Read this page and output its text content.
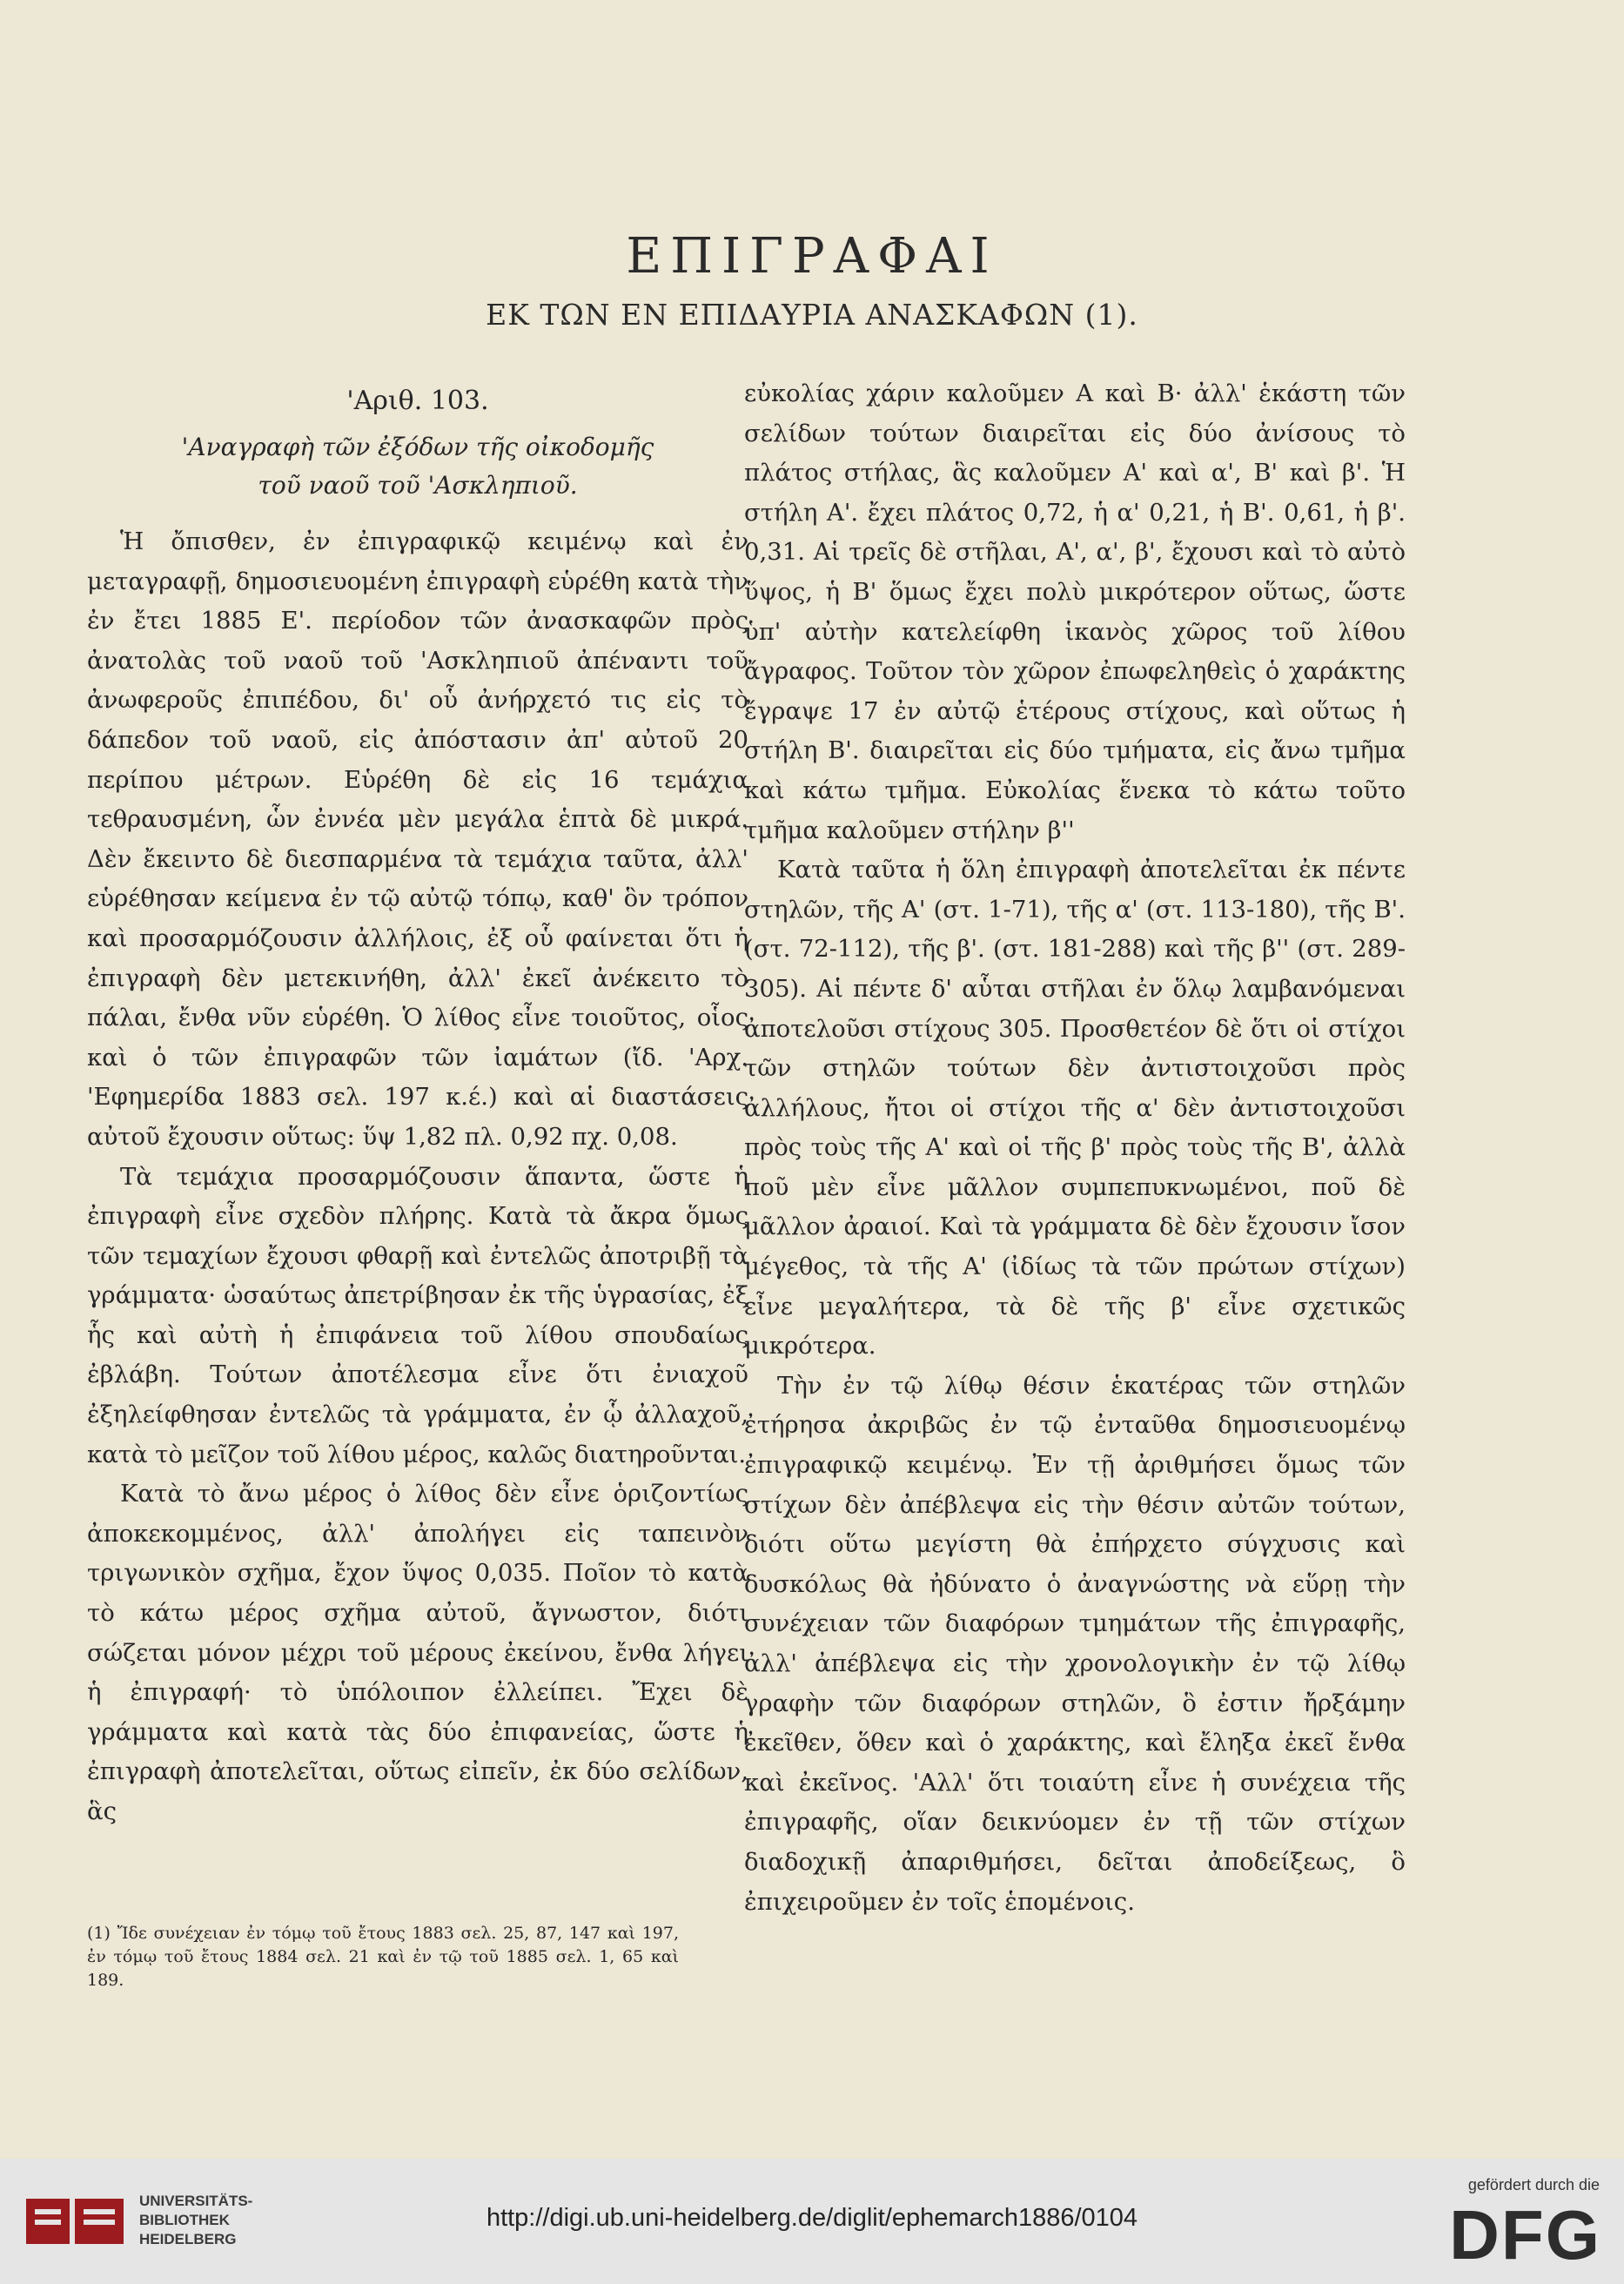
ΕΠΙΓΡΑΦΑΙ
ΕΚ ΤΩΝ ΕΝ ΕΠΙΔΑΥΡΙΑ ΑΝΑΣΚΑΦΩΝ (1).
'Αριθ. 103.
'Αναγραφὴ τῶν ἐξόδων τῆς οἰκοδομῆς
τοῦ ναοῦ τοῦ 'Ασκληπιοῦ.

Ἡ ὄπισθεν, ἐν ἐπιγραφικῷ κειμένῳ καὶ ἐν μεταγραφῇ, δημοσιευομένη ἐπιγραφὴ εὑρέθη κατὰ τὴν ἐν ἔτει 1885 Ε'. περίοδον τῶν ἀνασκαφῶν πρὸς ἀνατολὰς τοῦ ναοῦ τοῦ 'Ασκληπιοῦ ἀπέναντι τοῦ ἀνωφεροῦς ἐπιπέδου, δι' οὗ ἀνήρχετό τις εἰς τὸ δάπεδον τοῦ ναοῦ, εἰς ἀπόστασιν ἀπ' αὐτοῦ 20 περίπου μέτρων. Εὑρέθη δὲ εἰς 16 τεμάχια τεθραυσμένη, ὧν ἐννέα μὲν μεγάλα ἑπτὰ δὲ μικρά. Δὲν ἔκειντο δὲ διεσπαρμένα τὰ τεμάχια ταῦτα, ἀλλ' εὑρέθησαν κείμενα ἐν τῷ αὐτῷ τόπῳ, καθ' ὃν τρόπον καὶ προσαρμόζουσιν ἀλλήλοις, ἐξ οὗ φαίνεται ὅτι ἡ ἐπιγραφὴ δὲν μετεκινήθη, ἀλλ' ἐκεῖ ἀνέκειτο τὸ πάλαι, ἔνθα νῦν εὑρέθη. Ὁ λίθος εἶνε τοιοῦτος, οἷος καὶ ὁ τῶν ἐπιγραφῶν τῶν ἰαμάτων (ἴδ. 'Αρχ. 'Εφημερίδα 1883 σελ. 197 κ.έ.) καὶ αἱ διαστάσεις αὐτοῦ ἔχουσιν οὕτως: ὕψ 1,82 πλ. 0,92 πχ. 0,08.

Τὰ τεμάχια προσαρμόζουσιν ἅπαντα, ὥστε ἡ ἐπιγραφὴ εἶνε σχεδὸν πλήρης. Κατὰ τὰ ἄκρα ὅμως τῶν τεμαχίων ἔχουσι φθαρῇ καὶ ἐντελῶς ἀποτριβῇ τὰ γράμματα· ὡσαύτως ἀπετρίβησαν ἐκ τῆς ὑγρασίας, ἐξ ἧς καὶ αὐτὴ ἡ ἐπιφάνεια τοῦ λίθου σπουδαίως ἐβλάβη. Τούτων ἀποτέλεσμα εἶνε ὅτι ἐνιαχοῦ ἐξηλείφθησαν ἐντελῶς τὰ γράμματα, ἐν ᾧ ἀλλαχοῦ, κατὰ τὸ μεῖζον τοῦ λίθου μέρος, καλῶς διατηροῦνται.

Κατὰ τὸ ἄνω μέρος ὁ λίθος δὲν εἶνε ὁριζοντίως ἀποκεκομμένος, ἀλλ' ἀπολήγει εἰς ταπεινὸν τριγωνικὸν σχῆμα, ἔχον ὕψος 0,035. Ποῖον τὸ κατὰ τὸ κάτω μέρος σχῆμα αὐτοῦ, ἄγνωστον, διότι σώζεται μόνον μέχρι τοῦ μέρους ἐκείνου, ἔνθα λήγει ἡ ἐπιγραφή· τὸ ὑπόλοιπον ἐλλείπει. Ἔχει δὲ γράμματα καὶ κατὰ τὰς δύο ἐπιφανείας, ὥστε ἡ ἐπιγραφὴ ἀποτελεῖται, οὕτως εἰπεῖν, ἐκ δύο σελίδων, ἃς

εὐκολίας χάριν καλοῦμεν Α καὶ Β· ἀλλ' ἑκάστη τῶν σελίδων τούτων διαιρεῖται εἰς δύο ἀνίσους τὸ πλάτος στήλας, ἃς καλοῦμεν Α' καὶ α', Β' καὶ β'. Ἡ στήλη Α'. ἔχει πλάτος 0,72, ἡ α' 0,21, ἡ Β'. 0,61, ἡ β'. 0,31. Αἱ τρεῖς δὲ στῆλαι, Α', α', β', ἔχουσι καὶ τὸ αὐτὸ ὕψος, ἡ Β' ὅμως ἔχει πολὺ μικρότερον οὕτως, ὥστε ὑπ' αὐτὴν κατελείφθη ἱκανὸς χῶρος τοῦ λίθου ἄγραφος. Τοῦτον τὸν χῶρον ἐπωφεληθεὶς ὁ χαράκτης ἔγραψε 17 ἐν αὐτῷ ἑτέρους στίχους, καὶ οὕτως ἡ στήλη Β'. διαιρεῖται εἰς δύο τμήματα, εἰς ἄνω τμῆμα καὶ κάτω τμῆμα. Εὐκολίας ἕνεκα τὸ κάτω τοῦτο τμῆμα καλοῦμεν στήλην β''

Κατὰ ταῦτα ἡ ὅλη ἐπιγραφὴ ἀποτελεῖται ἐκ πέντε στηλῶν, τῆς Α' (στ. 1-71), τῆς α' (στ. 113-180), τῆς Β'. (στ. 72-112), τῆς β'. (στ. 181-288) καὶ τῆς β'' (στ. 289-305). Αἱ πέντε δ' αὗται στῆλαι ἐν ὅλῳ λαμβανόμεναι ἀποτελοῦσι στίχους 305. Προσθετέον δὲ ὅτι οἱ στίχοι τῶν στηλῶν τούτων δὲν ἀντιστοιχοῦσι πρὸς ἀλλήλους, ἤτοι οἱ στίχοι τῆς α' δὲν ἀντιστοιχοῦσι πρὸς τοὺς τῆς Α' καὶ οἱ τῆς β' πρὸς τοὺς τῆς Β', ἀλλὰ ποῦ μὲν εἶνε μᾶλλον συμπεπυκνωμένοι, ποῦ δὲ μᾶλλον ἀραιοί. Καὶ τὰ γράμματα δὲ δὲν ἔχουσιν ἴσον μέγεθος, τὰ τῆς Α' (ἰδίως τὰ τῶν πρώτων στίχων) εἶνε μεγαλήτερα, τὰ δὲ τῆς β' εἶνε σχετικῶς μικρότερα.

Τὴν ἐν τῷ λίθῳ θέσιν ἑκατέρας τῶν στηλῶν ἐτήρησα ἀκριβῶς ἐν τῷ ἐνταῦθα δημοσιευομένῳ ἐπιγραφικῷ κειμένῳ. Ἐν τῇ ἀριθμήσει ὅμως τῶν στίχων δὲν ἀπέβλεψα εἰς τὴν θέσιν αὐτῶν τούτων, διότι οὕτω μεγίστη θὰ ἐπήρχετο σύγχυσις καὶ δυσκόλως θὰ ἠδύνατο ὁ ἀναγνώστης νὰ εὕρῃ τὴν συνέχειαν τῶν διαφόρων τμημάτων τῆς ἐπιγραφῆς, ἀλλ' ἀπέβλεψα εἰς τὴν χρονολογικὴν ἐν τῷ λίθῳ γραφὴν τῶν διαφόρων στηλῶν, ὃ ἐστιν ἤρξάμην ἐκεῖθεν, ὅθεν καὶ ὁ χαράκτης, καὶ ἔληξα ἐκεῖ ἔνθα καὶ ἐκεῖνος. 'Αλλ' ὅτι τοιαύτη εἶνε ἡ συνέχεια τῆς ἐπιγραφῆς, οἵαν δεικνύομεν ἐν τῇ τῶν στίχων διαδοχικῇ ἀπαριθμήσει, δεῖται ἀποδείξεως, ὃ ἐπιχειροῦμεν ἐν τοῖς ἑπομένοις.

(1) Ἴδε συνέχειαν ἐν τόμῳ τοῦ ἔτους 1883 σελ. 25, 87, 147 καὶ 197, ἐν τόμῳ τοῦ ἔτους 1884 σελ. 21 καὶ ἐν τῷ τοῦ 1885 σελ. 1, 65 καὶ 189.
UNIVERSITÄTS-
BIBLIOTHEK
HEIDELBERG
http://digi.ub.uni-heidelberg.de/diglit/ephemarch1886/0104
gefördert durch die
DFG
